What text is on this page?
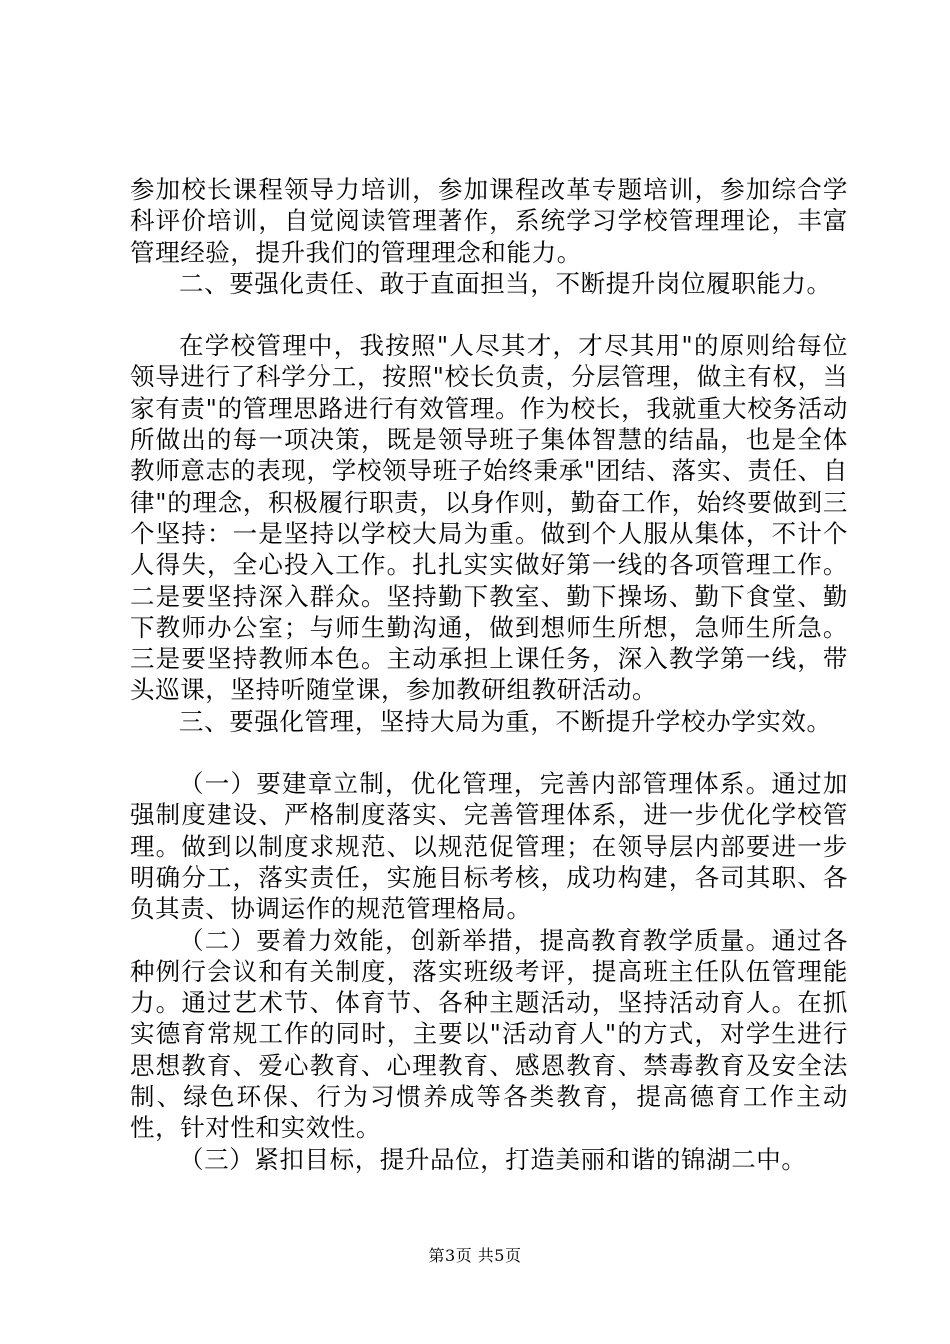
参加校长课程领导力培训，参加课程改革专题培训，参加综合学科评价培训，自觉阅读管理著作，系统学习学校管理理论，丰富管理经验，提升我们的管理理念和能力。

二、要强化责任、敢于直面担当，不断提升岗位履职能力。

在学校管理中，我按照"人尽其才，才尽其用"的原则给每位领导进行了科学分工，按照"校长负责，分层管理，做主有权，当家有责"的管理思路进行有效管理。作为校长，我就重大校务活动所做出的每一项决策，既是领导班子集体智慧的结晶，也是全体教师意志的表现，学校领导班子始终秉承"团结、落实、责任、自律"的理念，积极履行职责，以身作则，勤奋工作，始终要做到三个坚持：一是坚持以学校大局为重。做到个人服从集体，不计个人得失，全心投入工作。扎扎实实做好第一线的各项管理工作。二是要坚持深入群众。坚持勤下教室、勤下操场、勤下食堂、勤下教师办公室；与师生勤沟通，做到想师生所想，急师生所急。三是要坚持教师本色。主动承担上课任务，深入教学第一线，带头巡课，坚持听随堂课，参加教研组教研活动。

三、要强化管理，坚持大局为重，不断提升学校办学实效。

（一）要建章立制，优化管理，完善内部管理体系。通过加强制度建设、严格制度落实、完善管理体系，进一步优化学校管理。做到以制度求规范、以规范促管理；在领导层内部要进一步明确分工，落实责任，实施目标考核，成功构建，各司其职、各负其责、协调运作的规范管理格局。

（二）要着力效能，创新举措，提高教育教学质量。通过各种例行会议和有关制度，落实班级考评，提高班主任队伍管理能力。通过艺术节、体育节、各种主题活动，坚持活动育人。在抓实德育常规工作的同时，主要以"活动育人"的方式，对学生进行思想教育、爱心教育、心理教育、感恩教育、禁毒教育及安全法制、绿色环保、行为习惯养成等各类教育，提高德育工作主动性，针对性和实效性。

（三）紧扣目标，提升品位，打造美丽和谐的锦湖二中。

第3页 共5页
